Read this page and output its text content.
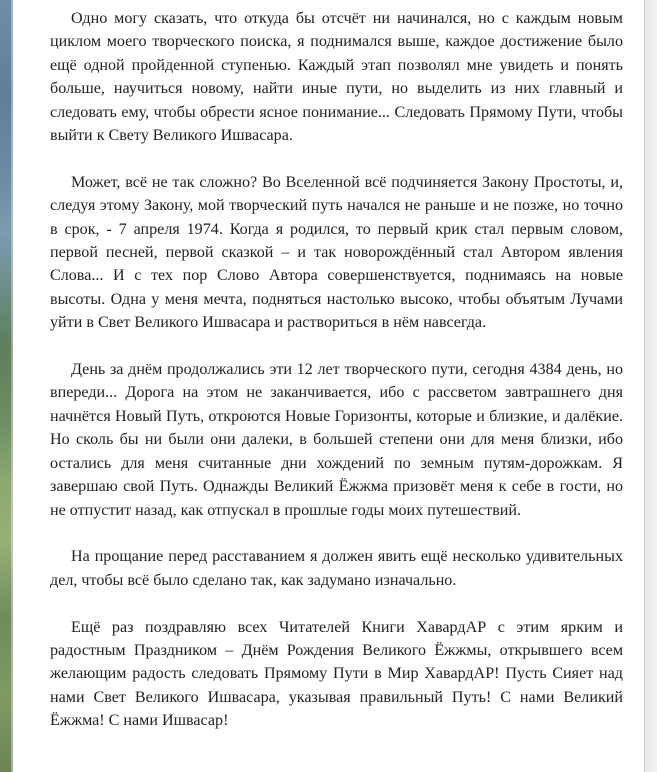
Одно могу сказать, что откуда бы отсчёт ни начинался, но с каждым новым циклом моего творческого поиска, я поднимался выше, каждое достижение было ещё одной пройденной ступенью. Каждый этап позволял мне увидеть и понять больше, научиться новому, найти иные пути, но выделить из них главный и следовать ему, чтобы обрести ясное понимание... Следовать Прямому Пути, чтобы выйти к Свету Великого Ишвасара.

Может, всё не так сложно? Во Вселенной всё подчиняется Закону Простоты, и, следуя этому Закону, мой творческий путь начался не раньше и не позже, но точно в срок, - 7 апреля 1974. Когда я родился, то первый крик стал первым словом, первой песней, первой сказкой – и так новорождённый стал Автором явления Слова... И с тех пор Слово Автора совершенствуется, поднимаясь на новые высоты. Одна у меня мечта, подняться настолько высоко, чтобы объятым Лучами уйти в Свет Великого Ишвасара и раствориться в нём навсегда.

День за днём продолжались эти 12 лет творческого пути, сегодня 4384 день, но впереди... Дорога на этом не заканчивается, ибо с рассветом завтрашнего дня начнётся Новый Путь, откроются Новые Горизонты, которые и близкие, и далёкие. Но сколь бы ни были они далеки, в большей степени они для меня близки, ибо остались для меня считанные дни хождений по земным путям-дорожкам. Я завершаю свой Путь. Однажды Великий Ёжжма призовёт меня к себе в гости, но не отпустит назад, как отпускал в прошлые годы моих путешествий.

На прощание перед расставанием я должен явить ещё несколько удивительных дел, чтобы всё было сделано так, как задумано изначально.

Ещё раз поздравляю всех Читателей Книги ХавардАР с этим ярким и радостным Праздником – Днём Рождения Великого Ёжжмы, открывшего всем желающим радость следовать Прямому Пути в Мир ХавардАР! Пусть Сияет над нами Свет Великого Ишвасара, указывая правильный Путь! С нами Великий Ёжжма! С нами Ишвасар!
